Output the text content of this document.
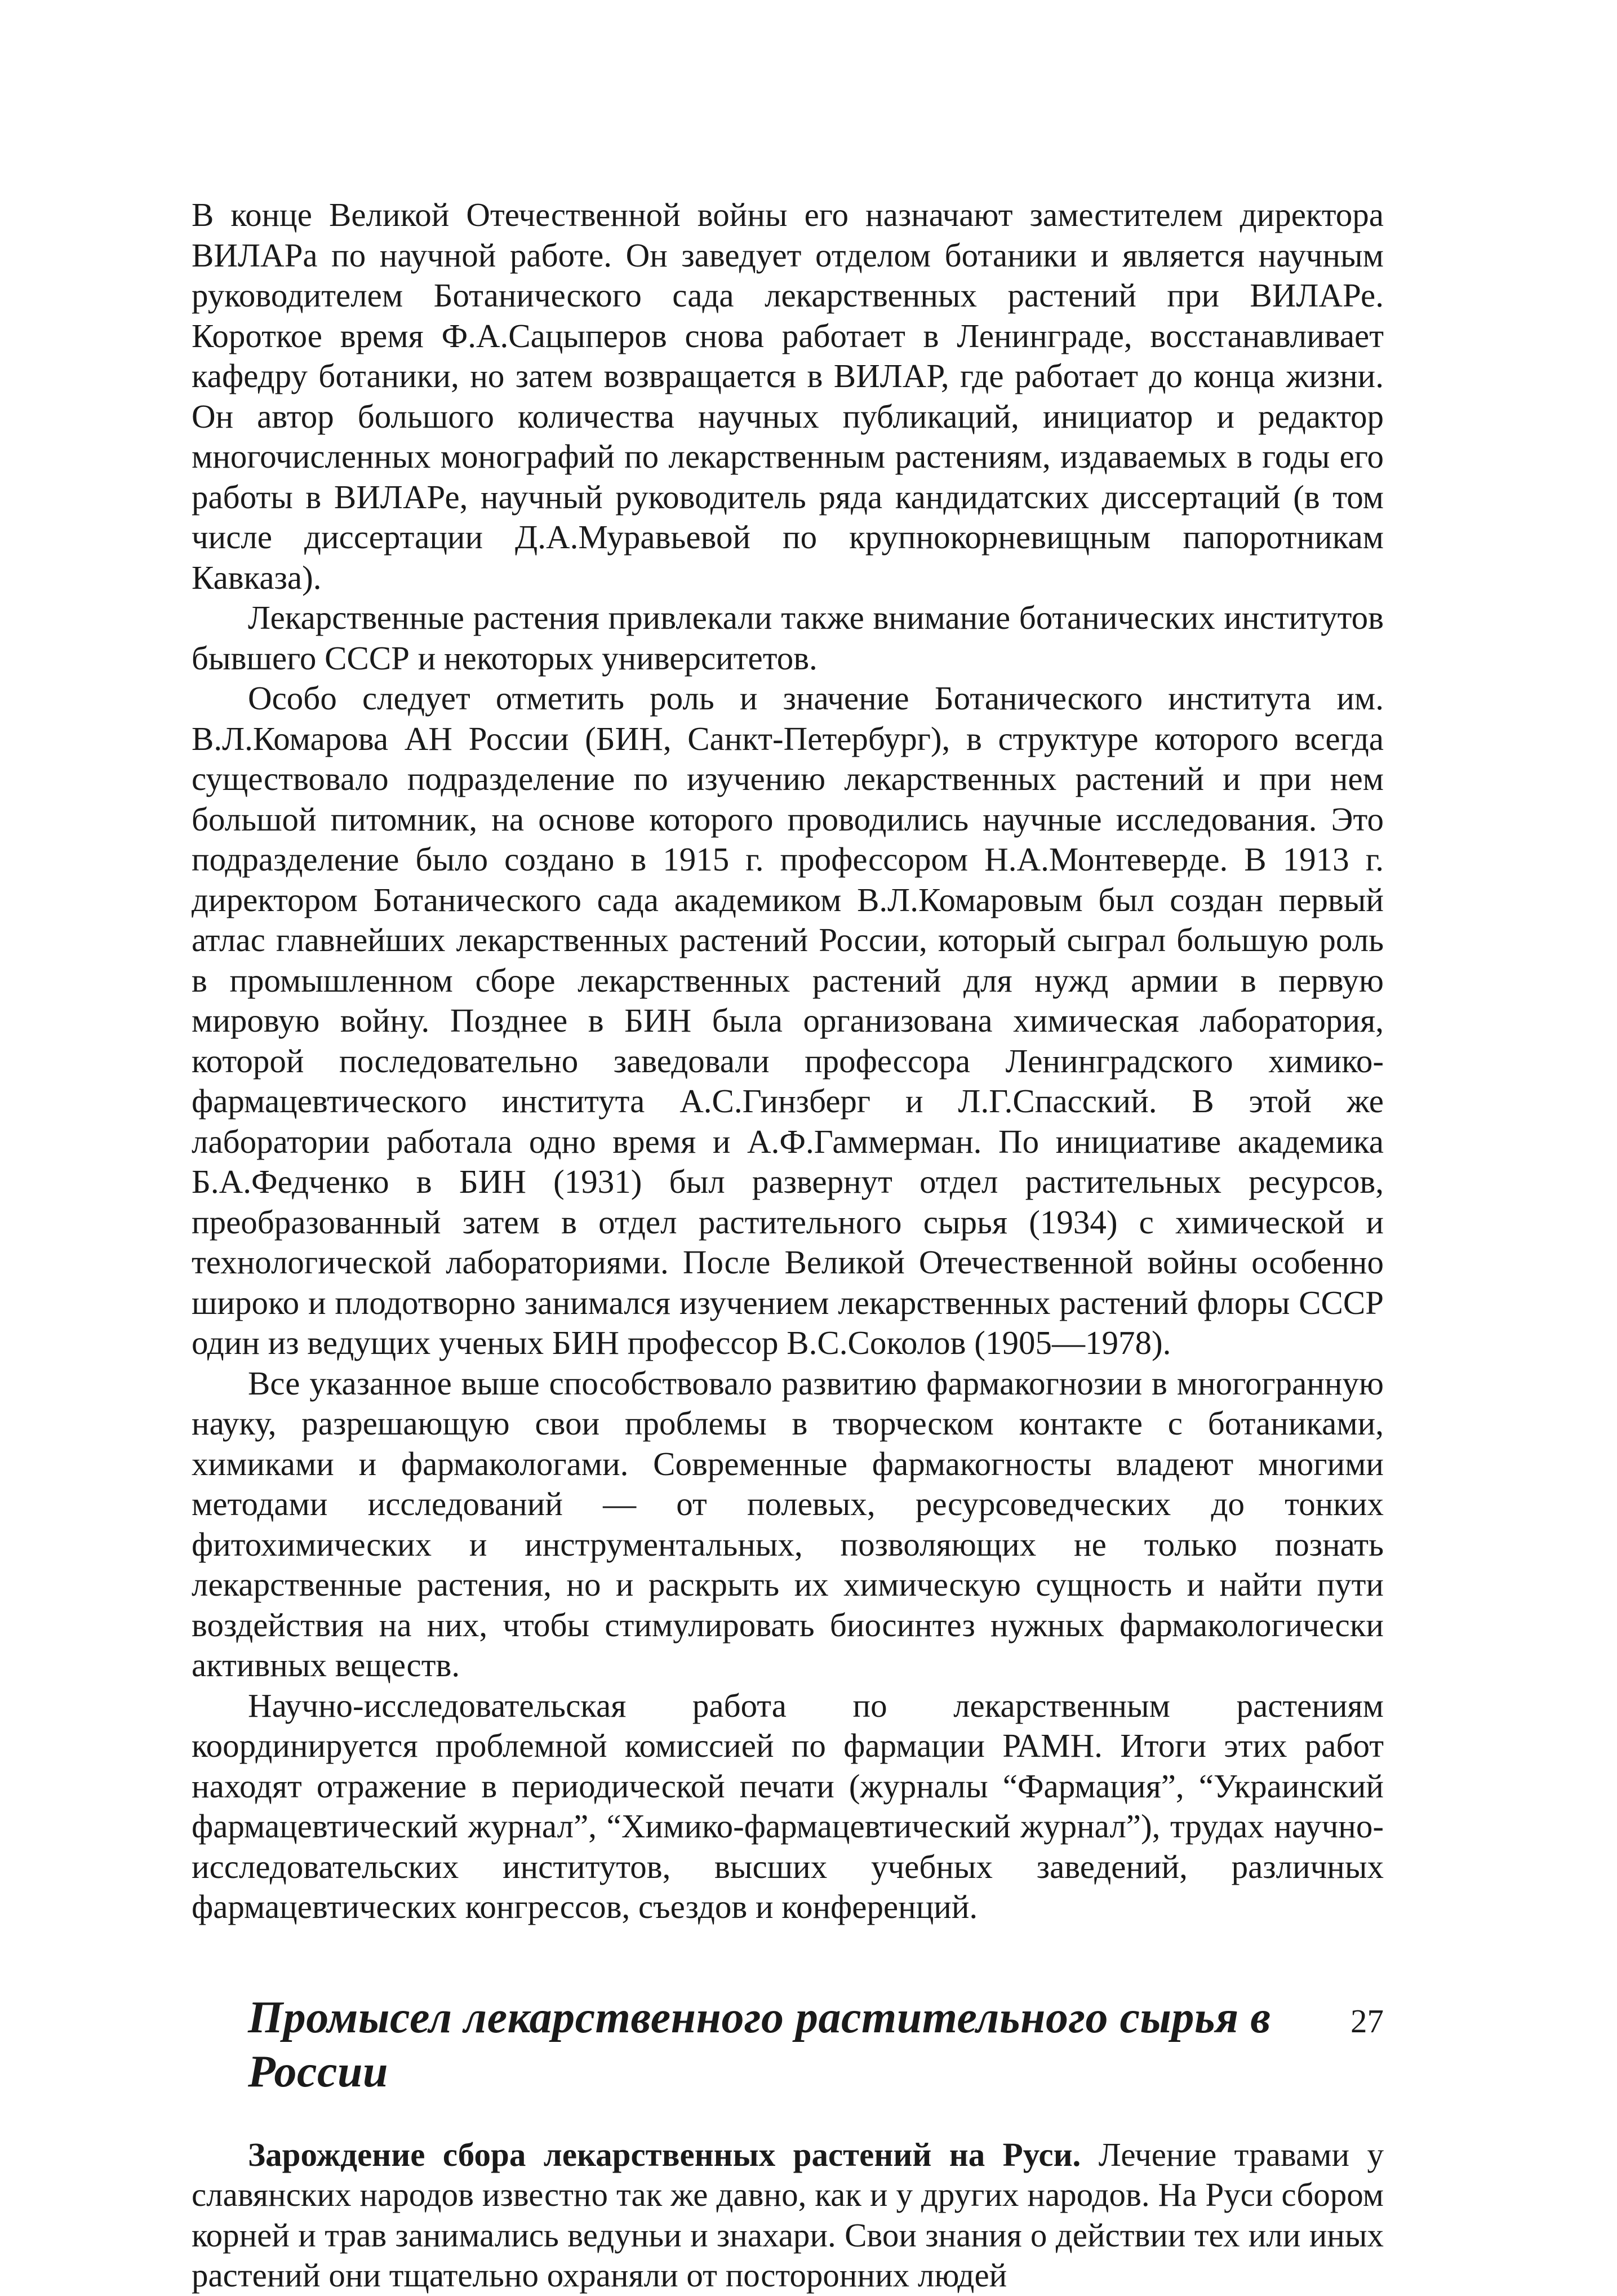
В конце Великой Отечественной войны его назначают заместителем директора ВИЛАРа по научной работе. Он заведует отделом ботаники и является научным руководителем Ботанического сада лекарственных растений при ВИЛАРе. Короткое время Ф.А.Сацыперов снова работает в Ленинграде, восстанавливает кафедру ботаники, но затем возвращается в ВИЛАР, где работает до конца жизни. Он автор большого количества научных публикаций, инициатор и редактор многочисленных монографий по лекарственным растениям, издаваемых в годы его работы в ВИЛАРе, научный руководитель ряда кандидатских диссертаций (в том числе диссертации Д.А.Муравьевой по крупнокорневищным папоротникам Кавказа).

Лекарственные растения привлекали также внимание ботанических институтов бывшего СССР и некоторых университетов.

Особо следует отметить роль и значение Ботанического института им. В.Л.Комарова АН России (БИН, Санкт-Петербург), в структуре которого всегда существовало подразделение по изучению лекарственных растений и при нем большой питомник, на основе которого проводились научные исследования. Это подразделение было создано в 1915 г. профессором Н.А.Монтеверде. В 1913 г. директором Ботанического сада академиком В.Л.Комаровым был создан первый атлас главнейших лекарственных растений России, который сыграл большую роль в промышленном сборе лекарственных растений для нужд армии в первую мировую войну. Позднее в БИН была организована химическая лаборатория, которой последовательно заведовали профессора Ленинградского химико-фармацевтического института А.С.Гинзберг и Л.Г.Спасский. В этой же лаборатории работала одно время и А.Ф.Гаммерман. По инициативе академика Б.А.Федченко в БИН (1931) был развернут отдел растительных ресурсов, преобразованный затем в отдел растительного сырья (1934) с химической и технологической лабораториями. После Великой Отечественной войны особенно широко и плодотворно занимался изучением лекарственных растений флоры СССР один из ведущих ученых БИН профессор В.С.Соколов (1905—1978).

Все указанное выше способствовало развитию фармакогнозии в многогранную науку, разрешающую свои проблемы в творческом контакте с ботаниками, химиками и фармакологами. Современные фармакогносты владеют многими методами исследований — от полевых, ресурсоведческих до тонких фитохимических и инструментальных, позволяющих не только познать лекарственные растения, но и раскрыть их химическую сущность и найти пути воздействия на них, чтобы стимулировать биосинтез нужных фармакологически активных веществ.

Научно-исследовательская работа по лекарственным растениям координируется проблемной комиссией по фармации РАМН. Итоги этих работ находят отражение в периодической печати (журналы “Фармация”, “Украинский фармацевтический журнал”, “Химико-фармацевтический журнал”), трудах научно-исследовательских институтов, высших учебных заведений, различных фармацевтических конгрессов, съездов и конференций.

Промысел лекарственного растительного сырья в России

Зарождение сбора лекарственных растений на Руси. Лечение травами у славянских народов известно так же давно, как и у других народов. На Руси сбором корней и трав занимались ведуньи и знахари. Свои знания о действии тех или иных растений они тщательно охраняли от посторонних людей

27
